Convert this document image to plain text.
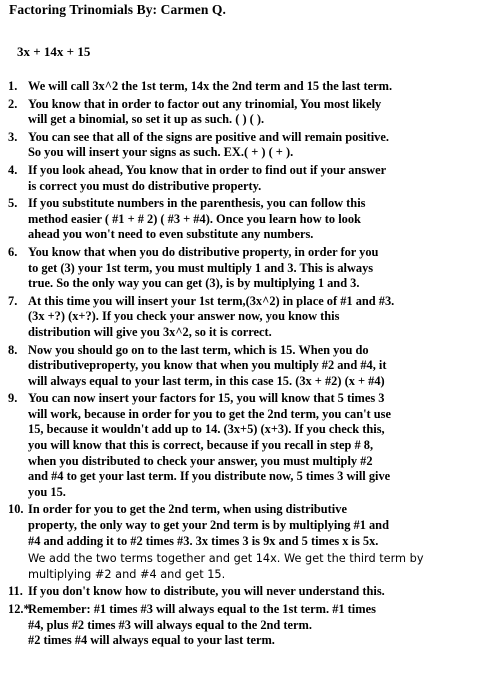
Factoring Trinomials By: Carmen Q.
3x + 14x + 15
1. We will call 3x^2 the 1st term, 14x the 2nd term and 15 the last term.
2. You know that in order to factor out any trinomial, You most likely
will get a binomial, so set it up as such. ( ) ( ).
3. You can see that all of the signs are positive and will remain positive.
So you will insert your signs as such. EX.( + ) ( + ).
4. If you look ahead, You know that in order to find out if your answer
is correct you must do distributive property.
5. If you substitute numbers in the parenthesis, you can follow this
method easier ( #1 + # 2) ( #3 + #4). Once you learn how to look
ahead you won't need to even substitute any numbers.
6. You know that when you do distributive property, in order for you
to get (3) your 1st term, you must multiply 1 and 3. This is always
true. So the only way you can get (3), is by multiplying 1 and 3.
7. At this time you will insert your 1st term,(3x^2) in place of #1 and #3.
(3x +?) (x+?). If you check your answer now, you know this
distribution will give you 3x^2, so it is correct.
8. Now you should go on to the last term, which is 15. When you do
distributiveproperty, you know that when you multiply #2 and #4, it
will always equal to your last term, in this case 15. (3x + #2) (x + #4)
9. You can now insert your factors for 15, you will know that 5 times 3
will work, because in order for you to get the 2nd term, you can't use
15, because it wouldn't add up to 14. (3x+5) (x+3). If you check this,
you will know that this is correct, because if you recall in step # 8,
when you distributed to check your answer, you must multiply #2
and #4 to get your last term. If you distribute now, 5 times 3 will give
you 15.
10. In order for you to get the 2nd term, when using distributive
property, the only way to get your 2nd term is by multiplying #1 and
#4 and adding it to #2 times #3. 3x times 3 is 9x and 5 times x is 5x.
We add the two terms together and get 14x. We get the third term by
multiplying #2 and #4 and get 15.
11. If you don't know how to distribute, you will never understand this.
12.*
Remember: #1 times #3 will always equal to the 1st term. #1 times
#4, plus #2 times #3 will always equal to the 2nd term.
#2 times #4 will always equal to your last term.
